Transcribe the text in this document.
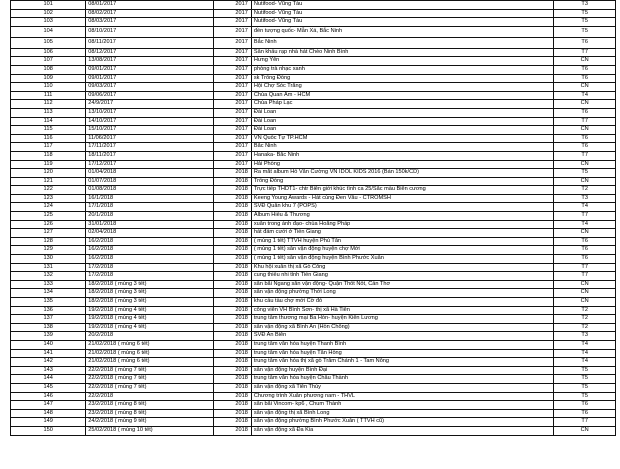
101	08/01/2017	2017	Nutifood- Vũng Tàu	T3
102	08/02/2017	2017	Nutifood- Vũng Tàu	T5
103	08/03/2017	2017	Nutifood- Vũng Tàu	T5
104	08/10/2017	2017	đền tượng quốc- Mẫn Xá, Bắc Ninh	T5
105	08/11/2017	2017	Bắc Ninh	T6
106	08/12/2017	2017	Sân khấu rạp nhà hát Chèo Ninh Bình	T7
107	13/08/2017	2017	Hưng Yên	CN
108	09/01/2017	2017	phòng trà nhạc xanh	T6
109	09/01/2017	2017	sk Trống Đồng	T6
110	09/03/2017	2017	Hội Chợ Sóc Trăng	CN
111	09/06/2017	2017	Chùa Quan Âm - HCM	T4
112	24/9/2017	2017	Chùa Pháp Lạc	CN
113	13/10/2017	2017	Đài Loan	T6
114	14/10/2017	2017	Đài Loan	T7
115	15/10/2017	2017	Đài Loan	CN
116	11/06/2017	2017	VN Quốc Tự TP.HCM	T6
117	17/11/2017	2017	Bắc Ninh	T6
118	18/11/2017	2017	Hanaka- Bắc Ninh	T7
119	17/12/2017	2017	Hải Phòng	CN
120	01/04/2018	2018	Ra mắt album Hồ Văn Cường VN IDOL KIDS 2016 (Bán 150k/CD)	T5
121	01/07/2018	2018	Trống Đồng	CN
122	01/08/2018	2018	Trực tiếp THDT1- chtr Biên giới khúc tình ca 25/Sắc màu Biên cương	T2
123	16/1/2018	2018	Keeng Young Awards - Hát cùng Đen Vâu - CTROMSH	T3
124	17/1/2018	2018	SVĐ Quân khu 7 (POPS)	T4
125	20/1/2018	2018	Album Hiếu & Thương	T7
126	31/01/2018	2018	xuân trong ánh đạo- chùa Hoằng Pháp	T4
127	02/04/2018	2018	hát đám cưới ở Tiền Giang	CN
128	16/2/2018	2018	( mùng 1 tết) TTVH huyện Phú Tân	T6
129	16/2/2018	2018	( mùng 1 tết) sân vận động huyện chợ Mới	T6
130	16/2/2018	2018	( mùng 1 tết) sân vận động huyện Bình Phước Xuân	T6
131	17/2/2018	2018	Khu hội xuân thị xã Gò Công	T7
132	17/2/2018	2018	cung thiếu nhi tỉnh Tiền Giang	T7
133	18/2/2018 ( mùng 3 tết)	2018	sân bãi Ngang sân vận động- Quận Thốt Nốt, Cần Thơ	CN
134	18/2/2018 ( mùng 3 tết)	2018	sân vận động phường Thới Long	CN
135	18/2/2018 ( mùng 3 tết)	2018	khu cầu tàu chợ mới Cờ đỏ	CN
136	19/2/2018 ( mùng 4 tết)	2018	công viên VH Bình Sơn- thị xã Hà Tiên	T2
137	19/2/2018 ( mùng 4 tết)	2018	trung tâm thương mại Ba Hòn- huyện Kiên Lương	T2
138	19/2/2018 ( mùng 4 tết)	2018	sân vận động xã Bình An (Hòn Chông)	T2
139	20/2/2018	2018	SVĐ An Biên	T3
140	21/02/2018 ( mùng 6 tết)	2018	trung tâm văn hóa huyện Thanh Bình	T4
141	21/02/2018 ( mùng 6 tết)	2018	trung tâm văn hóa huyện Tân Hồng	T4
142	21/02/2018 ( mùng 6 tết)	2018	trung tâm văn hóa thị xã gò Trâm Chánh 1 - Tam Nông	T4
143	22/2/2018 ( mùng 7 tết)	2018	sân vận động huyện Bình Đại	T5
144	22/2/2018 ( mùng 7 tết)	2018	trung tâm văn hóa huyện Châu Thành	T5
145	22/2/2018 ( mùng 7 tết)	2018	sân vận động xã Tiên Thủy	T5
146	22/2/2018	2018	Chương trình Xuân phương nam - THVL	T5
147	23/2/2018 ( mùng 8 tết)	2018	sân bãi Vincom- kp6 , Chum Thành	T6
148	23/2/2018 ( mùng 8 tết)	2018	sân vận động thị xã Bình Long	T6
149	24/2/2018 ( mùng 9 tết)	2018	sân vận động phường Bình Phước Xuân ( TTVH cũ)	T7
150	25/02/2018 ( mùng 10 tết)	2018	sân vận động xã Đa Kia	CN
